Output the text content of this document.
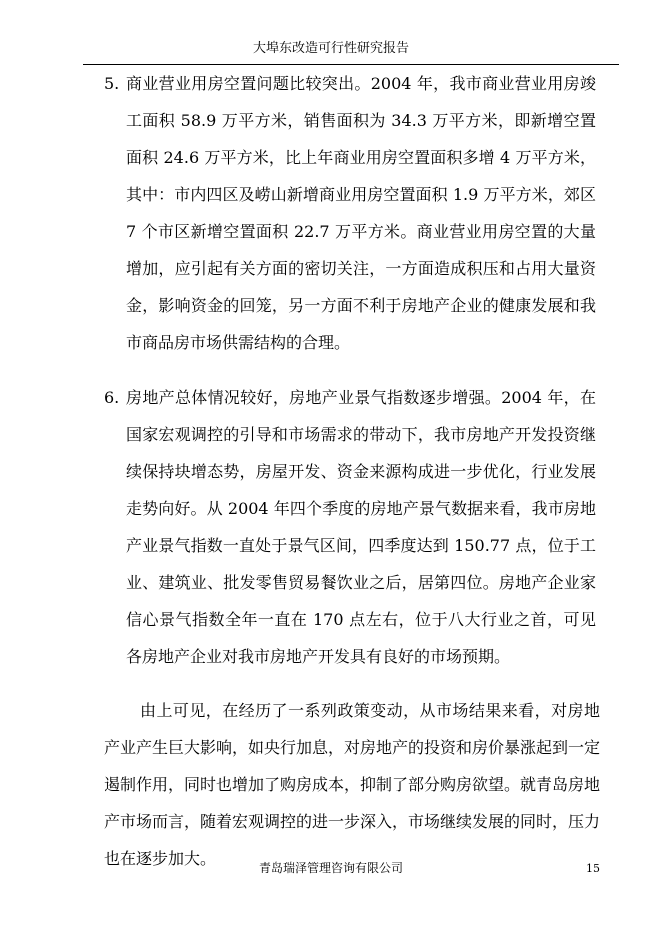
大埠东改造可行性研究报告
5. 商业营业用房空置问题比较突出。2004 年，我市商业营业用房竣工面积 58.9 万平方米，销售面积为 34.3 万平方米，即新增空置面积 24.6 万平方米，比上年商业用房空置面积多增 4 万平方米，其中：市内四区及崂山新增商业用房空置面积 1.9 万平方米，郊区 7 个市区新增空置面积 22.7 万平方米。商业营业用房空置的大量增加，应引起有关方面的密切关注，一方面造成积压和占用大量资金，影响资金的回笼，另一方面不利于房地产企业的健康发展和我市商品房市场供需结构的合理。

6. 房地产总体情况较好，房地产业景气指数逐步增强。2004 年，在国家宏观调控的引导和市场需求的带动下，我市房地产开发投资继续保持块增态势，房屋开发、资金来源构成进一步优化，行业发展走势向好。从 2004 年四个季度的房地产景气数据来看，我市房地产业景气指数一直处于景气区间，四季度达到 150.77 点，位于工业、建筑业、批发零售贸易餐饮业之后，居第四位。房地产企业家信心景气指数全年一直在 170 点左右，位于八大行业之首，可见各房地产企业对我市房地产开发具有良好的市场预期。

由上可见，在经历了一系列政策变动，从市场结果来看，对房地产业产生巨大影响，如央行加息，对房地产的投资和房价暴涨起到一定遏制作用，同时也增加了购房成本，抑制了部分购房欲望。就青岛房地产市场而言，随着宏观调控的进一步深入，市场继续发展的同时，压力也在逐步加大。	青岛瑞泽管理咨询有限公司	15
